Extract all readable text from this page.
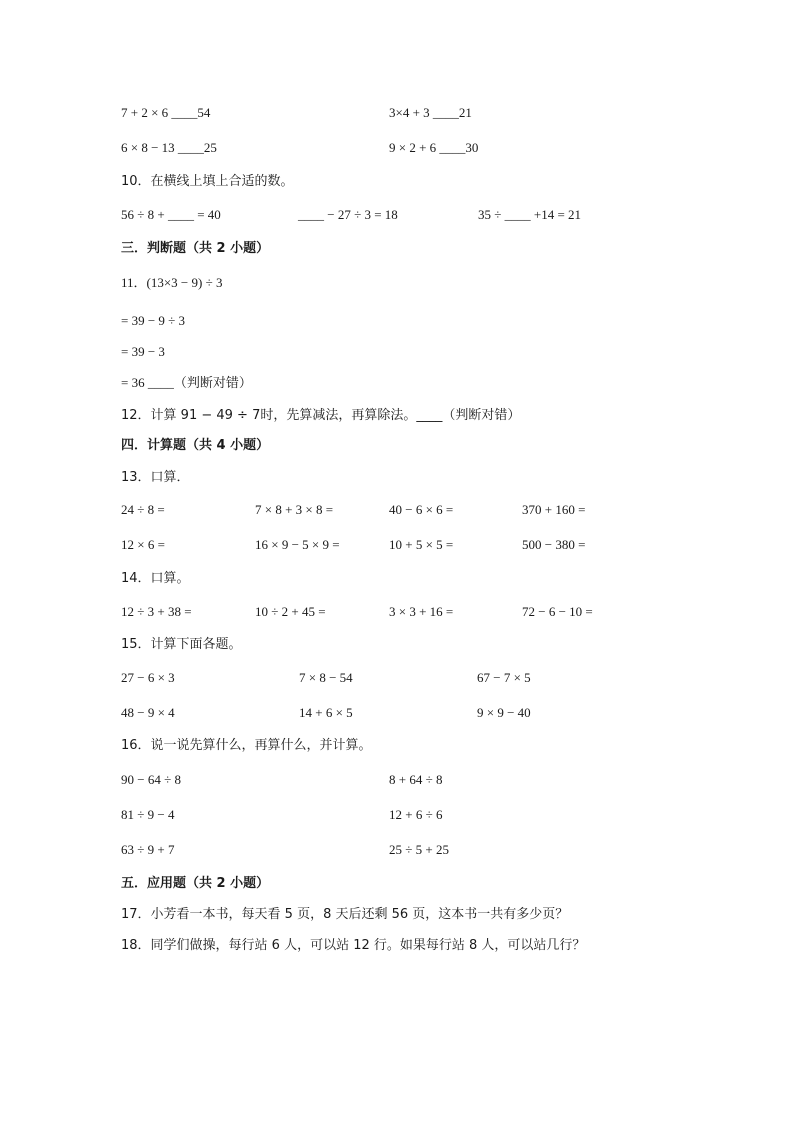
7 + 2 × 6 ____54	3×4 + 3 ____21
6 × 8 − 13 ____25	9 × 2 + 6 ____30
10．在横线上填上合适的数。
56 ÷ 8 + ____ = 40	____ − 27 ÷ 3 = 18	35 ÷ ____ +14 = 21
三．判断题（共 2 小题）
11．(13×3 − 9) ÷ 3
= 39 − 9 ÷ 3
= 39 − 3
= 36 ____（判断对错）
12．计算 91 − 49 ÷ 7时，先算减法，再算除法。____（判断对错）
四．计算题（共 4 小题）
13．口算．
24 ÷ 8 =	7 × 8 + 3 × 8 =	40 − 6 × 6 =	370 + 160 =
12 × 6 =	16 × 9 − 5 × 9 =	10 + 5 × 5 =	500 − 380 =
14．口算。
12 ÷ 3 + 38 =	10 ÷ 2 + 45 =	3 × 3 + 16 =	72 − 6 − 10 =
15．计算下面各题。
27 − 6 × 3	7 × 8 − 54	67 − 7 × 5
48 − 9 × 4	14 + 6 × 5	9 × 9 − 40
16．说一说先算什么，再算什么，并计算。
90 − 64 ÷ 8	8 + 64 ÷ 8
81 ÷ 9 − 4	12 + 6 ÷ 6
63 ÷ 9 + 7	25 ÷ 5 + 25
五．应用题（共 2 小题）
17．小芳看一本书，每天看 5 页，8 天后还剩 56 页，这本书一共有多少页？
18．同学们做操，每行站 6 人，可以站 12 行。如果每行站 8 人，可以站几行？
